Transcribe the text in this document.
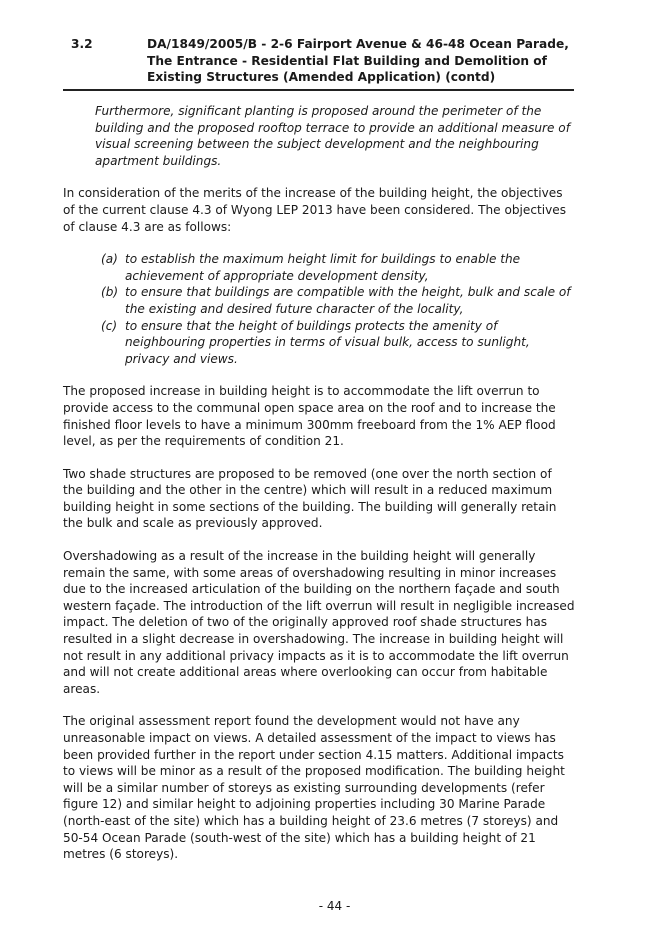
3.2	DA/1849/2005/B - 2-6 Fairport Avenue & 46-48 Ocean Parade, The Entrance - Residential Flat Building and Demolition of Existing Structures (Amended Application) (contd)

Furthermore, significant planting is proposed around the perimeter of the building and the proposed rooftop terrace to provide an additional measure of visual screening between the subject development and the neighbouring apartment buildings.

In consideration of the merits of the increase of the building height, the objectives of the current clause 4.3 of Wyong LEP 2013 have been considered. The objectives of clause 4.3 are as follows:

(a) to establish the maximum height limit for buildings to enable the achievement of appropriate development density,
(b) to ensure that buildings are compatible with the height, bulk and scale of the existing and desired future character of the locality,
(c) to ensure that the height of buildings protects the amenity of neighbouring properties in terms of visual bulk, access to sunlight, privacy and views.

The proposed increase in building height is to accommodate the lift overrun to provide access to the communal open space area on the roof and to increase the finished floor levels to have a minimum 300mm freeboard from the 1% AEP flood level, as per the requirements of condition 21.

Two shade structures are proposed to be removed (one over the north section of the building and the other in the centre) which will result in a reduced maximum building height in some sections of the building. The building will generally retain the bulk and scale as previously approved.

Overshadowing as a result of the increase in the building height will generally remain the same, with some areas of overshadowing resulting in minor increases due to the increased articulation of the building on the northern façade and south western façade. The introduction of the lift overrun will result in negligible increased impact. The deletion of two of the originally approved roof shade structures has resulted in a slight decrease in overshadowing. The increase in building height will not result in any additional privacy impacts as it is to accommodate the lift overrun and will not create additional areas where overlooking can occur from habitable areas.

The original assessment report found the development would not have any unreasonable impact on views. A detailed assessment of the impact to views has been provided further in the report under section 4.15 matters. Additional impacts to views will be minor as a result of the proposed modification. The building height will be a similar number of storeys as existing surrounding developments (refer figure 12) and similar height to adjoining properties including 30 Marine Parade (north-east of the site) which has a building height of 23.6 metres (7 storeys) and 50-54 Ocean Parade (south-west of the site) which has a building height of 21 metres (6 storeys).

- 44 -
